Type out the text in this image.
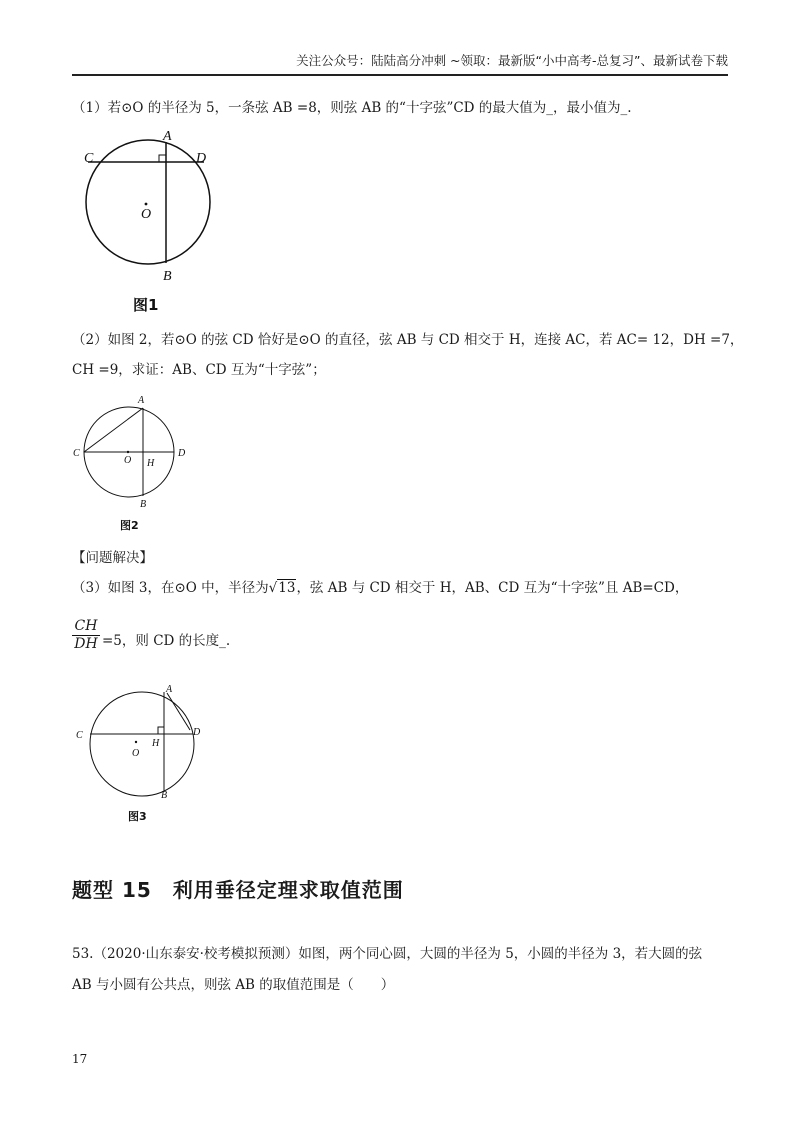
关注公众号：陆陆高分冲刺 ~领取：最新版“小中高考-总复习”、最新试卷下载
（1）若⊙O 的半径为 5，一条弦 AB =8，则弦 AB 的“十字弦”CD 的最大值为_，最小值为_.
A
C	D
O
B
图1
（2）如图 2，若⊙O 的弦 CD 恰好是⊙O 的直径，弦 AB 与 CD 相交于 H，连接 AC，若 AC= 12，DH =7，
CH =9，求证：AB、CD 互为“十字弦”；
A
C	D
O H
B
图2
【问题解决】
（3）如图 3，在⊙O 中，半径为√13，弦 AB 与 CD 相交于 H，AB、CD 互为“十字弦”且 AB=CD，
$\frac{CH}{DH} =5$，则 CD 的长度_.
A
C	D
H
O
B
图3
题型 15　利用垂径定理求取值范围
53.（2020·山东泰安·校考模拟预测）如图，两个同心圆，大圆的半径为 5，小圆的半径为 3，若大圆的弦
AB 与小圆有公共点，则弦 AB 的取值范围是（　　）
17
